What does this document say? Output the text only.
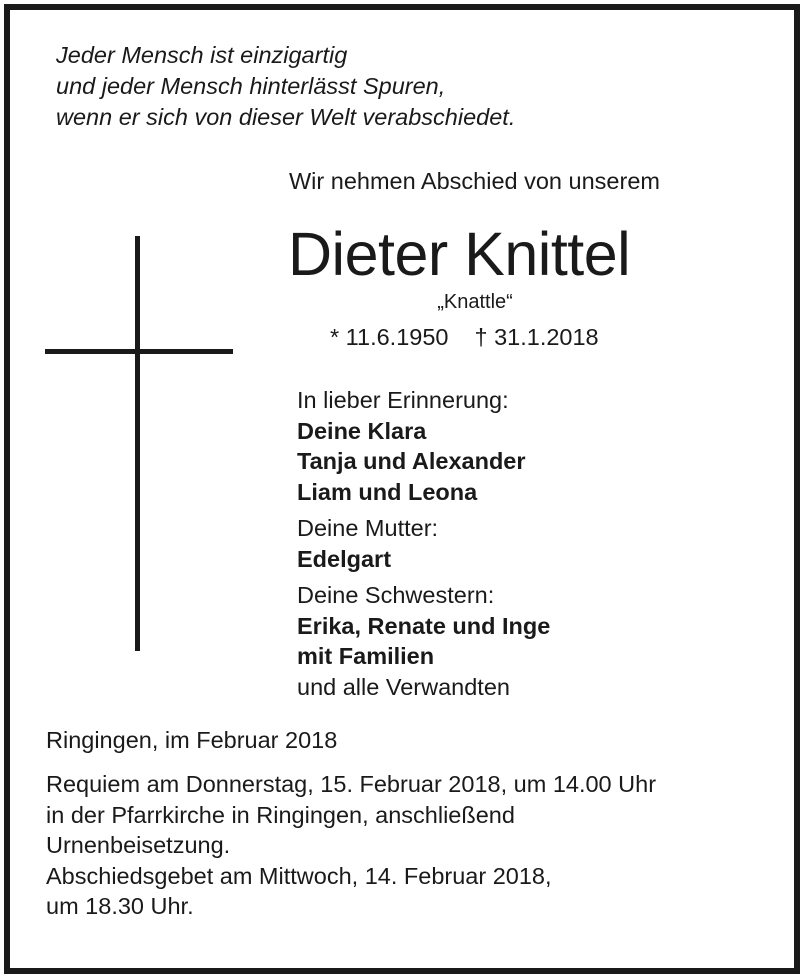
Jeder Mensch ist einzigartig
und jeder Mensch hinterlässt Spuren,
wenn er sich von dieser Welt verabschiedet.
Wir nehmen Abschied von unserem
Dieter Knittel
„Knattle“
* 11.6.1950 † 31.1.2018
In lieber Erinnerung:
Deine Klara
Tanja und Alexander
Liam und Leona
Deine Mutter:
Edelgart
Deine Schwestern:
Erika, Renate und Inge
mit Familien
und alle Verwandten
Ringingen, im Februar 2018
Requiem am Donnerstag, 15. Februar 2018, um 14.00 Uhr
in der Pfarrkirche in Ringingen, anschließend
Urnenbeisetzung.
Abschiedsgebet am Mittwoch, 14. Februar 2018,
um 18.30 Uhr.
